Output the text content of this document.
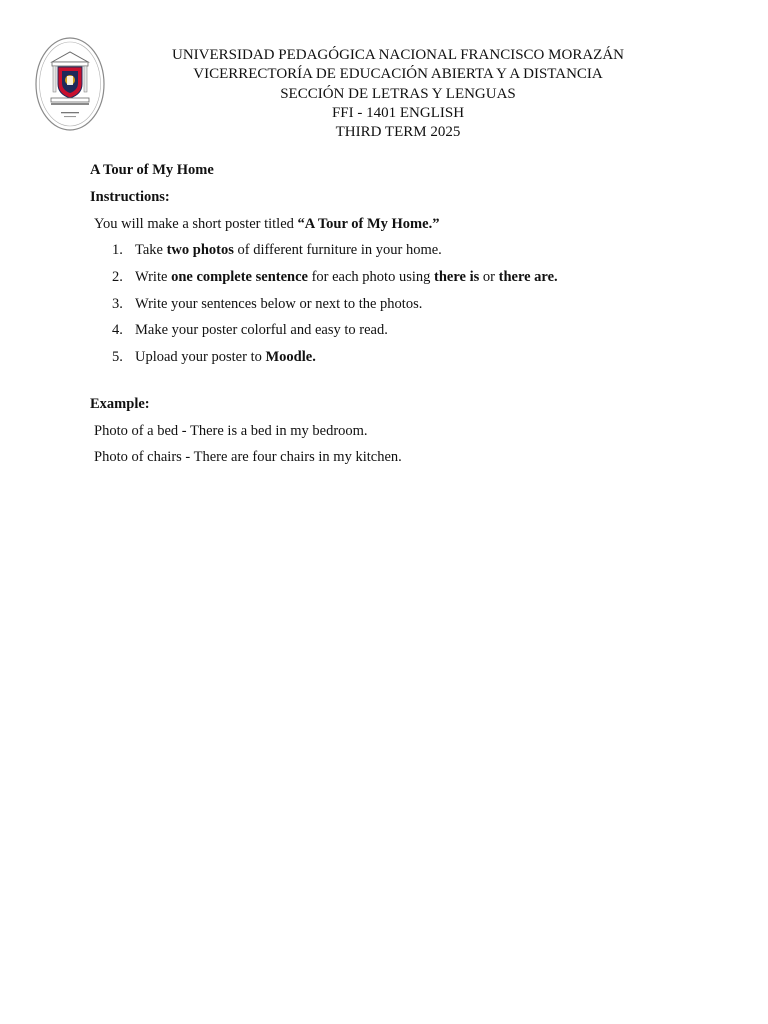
UNIVERSIDAD PEDAGÓGICA NACIONAL FRANCISCO MORAZÁN
VICERRECTORÍA DE EDUCACIÓN ABIERTA Y A DISTANCIA
SECCIÓN DE LETRAS Y LENGUAS
FFI - 1401 ENGLISH
THIRD TERM 2025
A Tour of My Home
Instructions:
You will make a short poster titled “A Tour of My Home.”
1. Take two photos of different furniture in your home.
2. Write one complete sentence for each photo using there is or there are.
3. Write your sentences below or next to the photos.
4. Make your poster colorful and easy to read.
5. Upload your poster to Moodle.
Example:
Photo of a bed - There is a bed in my bedroom.
Photo of chairs - There are four chairs in my kitchen.
